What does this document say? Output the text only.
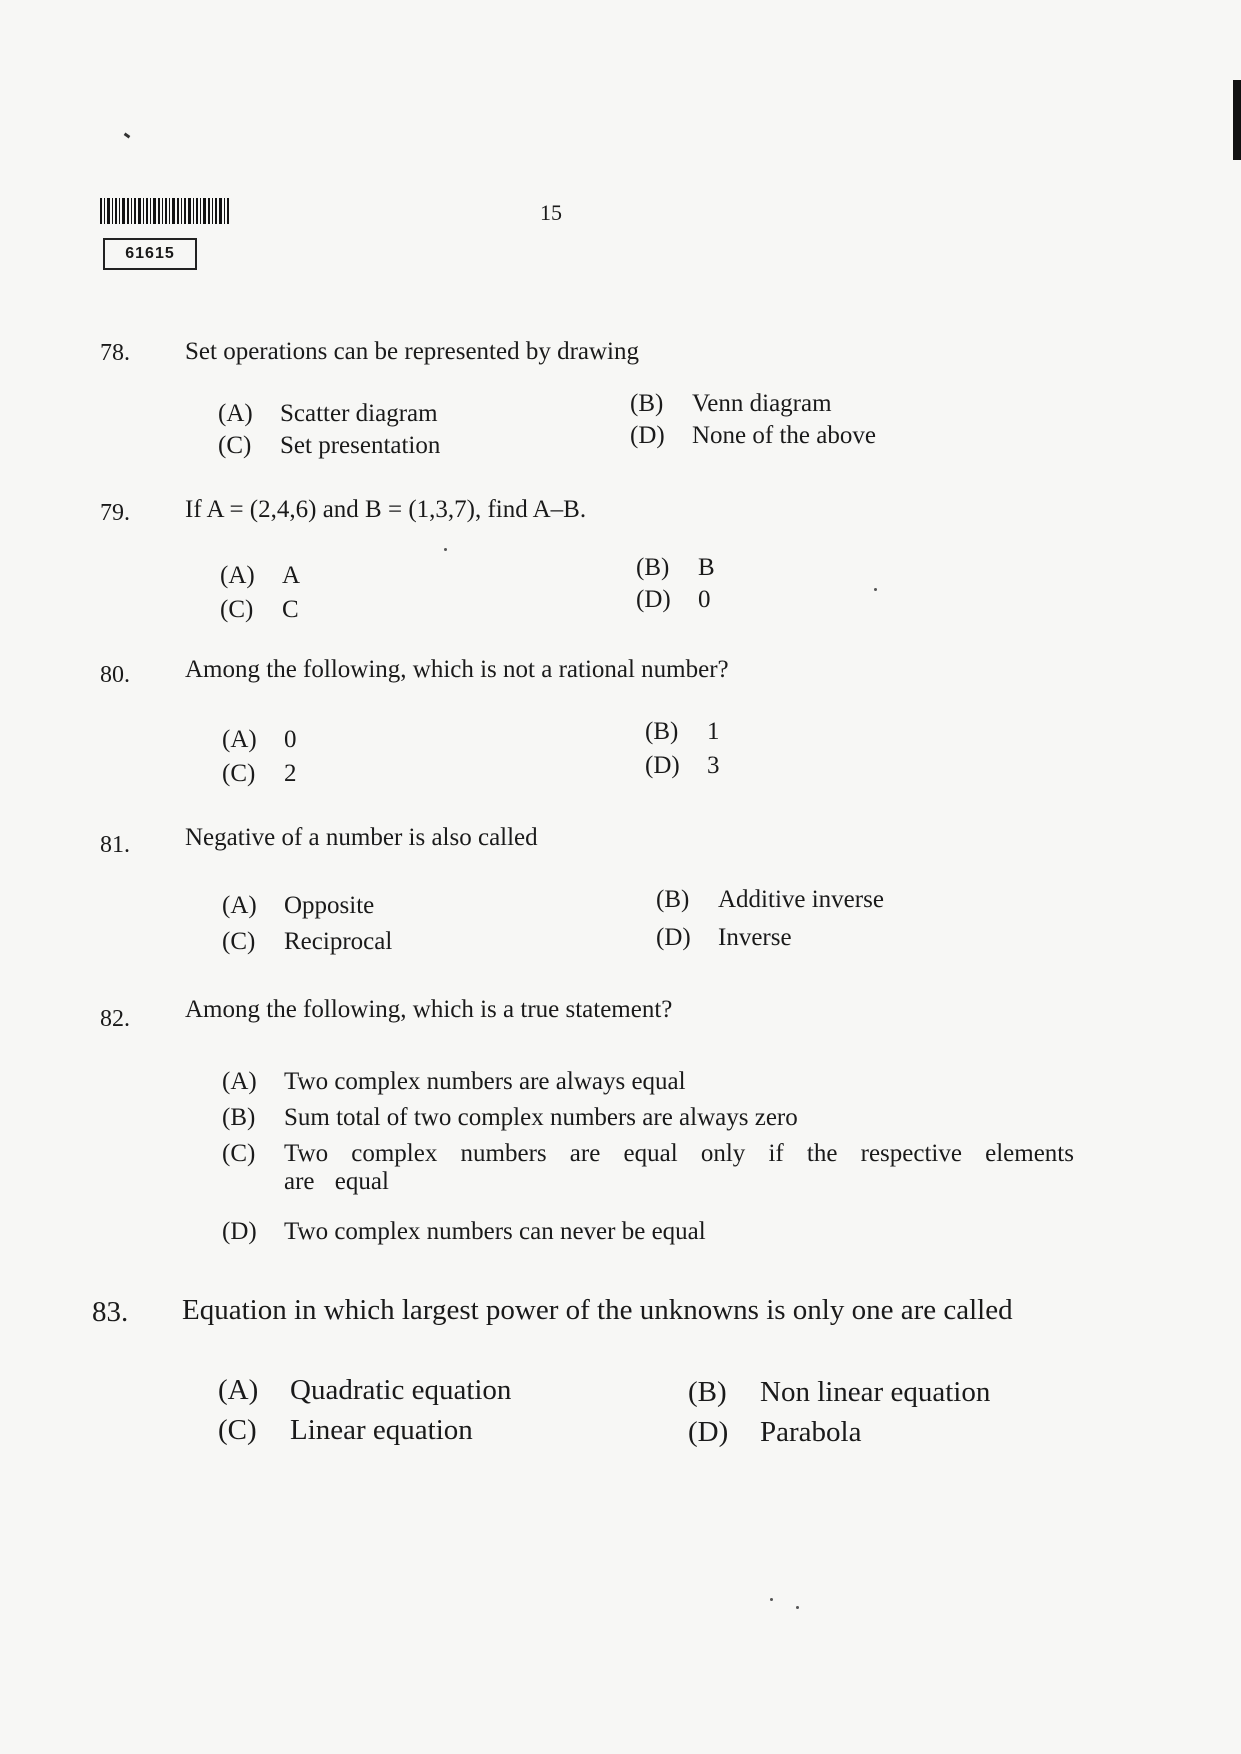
61615
15
78. Set operations can be represented by drawing
(A)	Scatter diagram	(B)	Venn diagram
(C)	Set presentation	(D)	None of the above
79. If A = (2,4,6) and B = (1,3,7), find A–B.
(A)	A	(B)	B
(C)	C	(D)	0
80. Among the following, which is not a rational number?
(A)	0	(B)	1
(C)	2	(D)	3
81. Negative of a number is also called
(A)	Opposite	(B)	Additive inverse
(C)	Reciprocal	(D)	Inverse
82. Among the following, which is a true statement?
(A)	Two complex numbers are always equal
(B)	Sum total of two complex numbers are always zero
(C)	Two complex numbers are equal only if the respective elements are equal
(D)	Two complex numbers can never be equal
83. Equation in which largest power of the unknowns is only one are called
(A)	Quadratic equation	(B)	Non linear equation
(C)	Linear equation	(D)	Parabola
